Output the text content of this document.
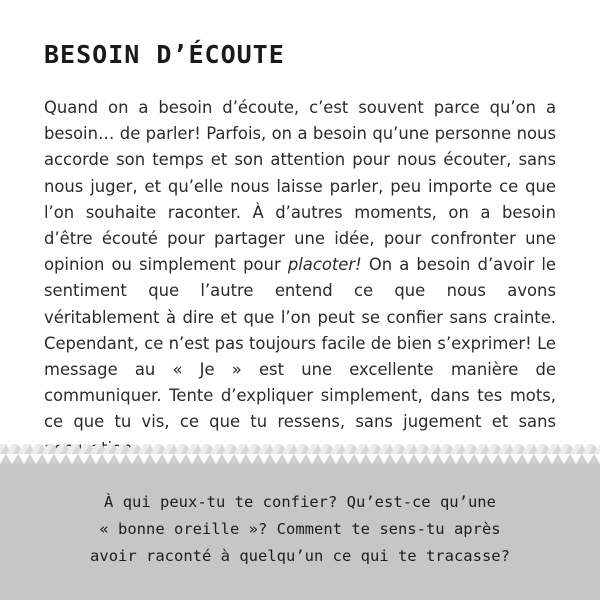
BESOIN D’ÉCOUTE

Quand on a besoin d’écoute, c’est souvent parce qu’on a besoin… de parler! Parfois, on a besoin qu’une personne nous accorde son temps et son attention pour nous écouter, sans nous juger, et qu’elle nous laisse parler, peu importe ce que l’on souhaite raconter. À d’autres moments, on a besoin d’être écouté pour partager une idée, pour confronter une opinion ou simplement pour placoter! On a besoin d’avoir le sentiment que l’autre entend ce que nous avons véritablement à dire et que l’on peut se confier sans crainte. Cependant, ce n’est pas toujours facile de bien s’exprimer! Le message au « Je » est une excellente manière de communiquer. Tente d’expliquer simplement, dans tes mots, ce que tu vis, ce que tu ressens, sans jugement et sans

À qui peux-tu te confier? Qu’est-ce qu’une
« bonne oreille »? Comment te sens-tu après
avoir raconté à quelqu’un ce qui te tracasse?
